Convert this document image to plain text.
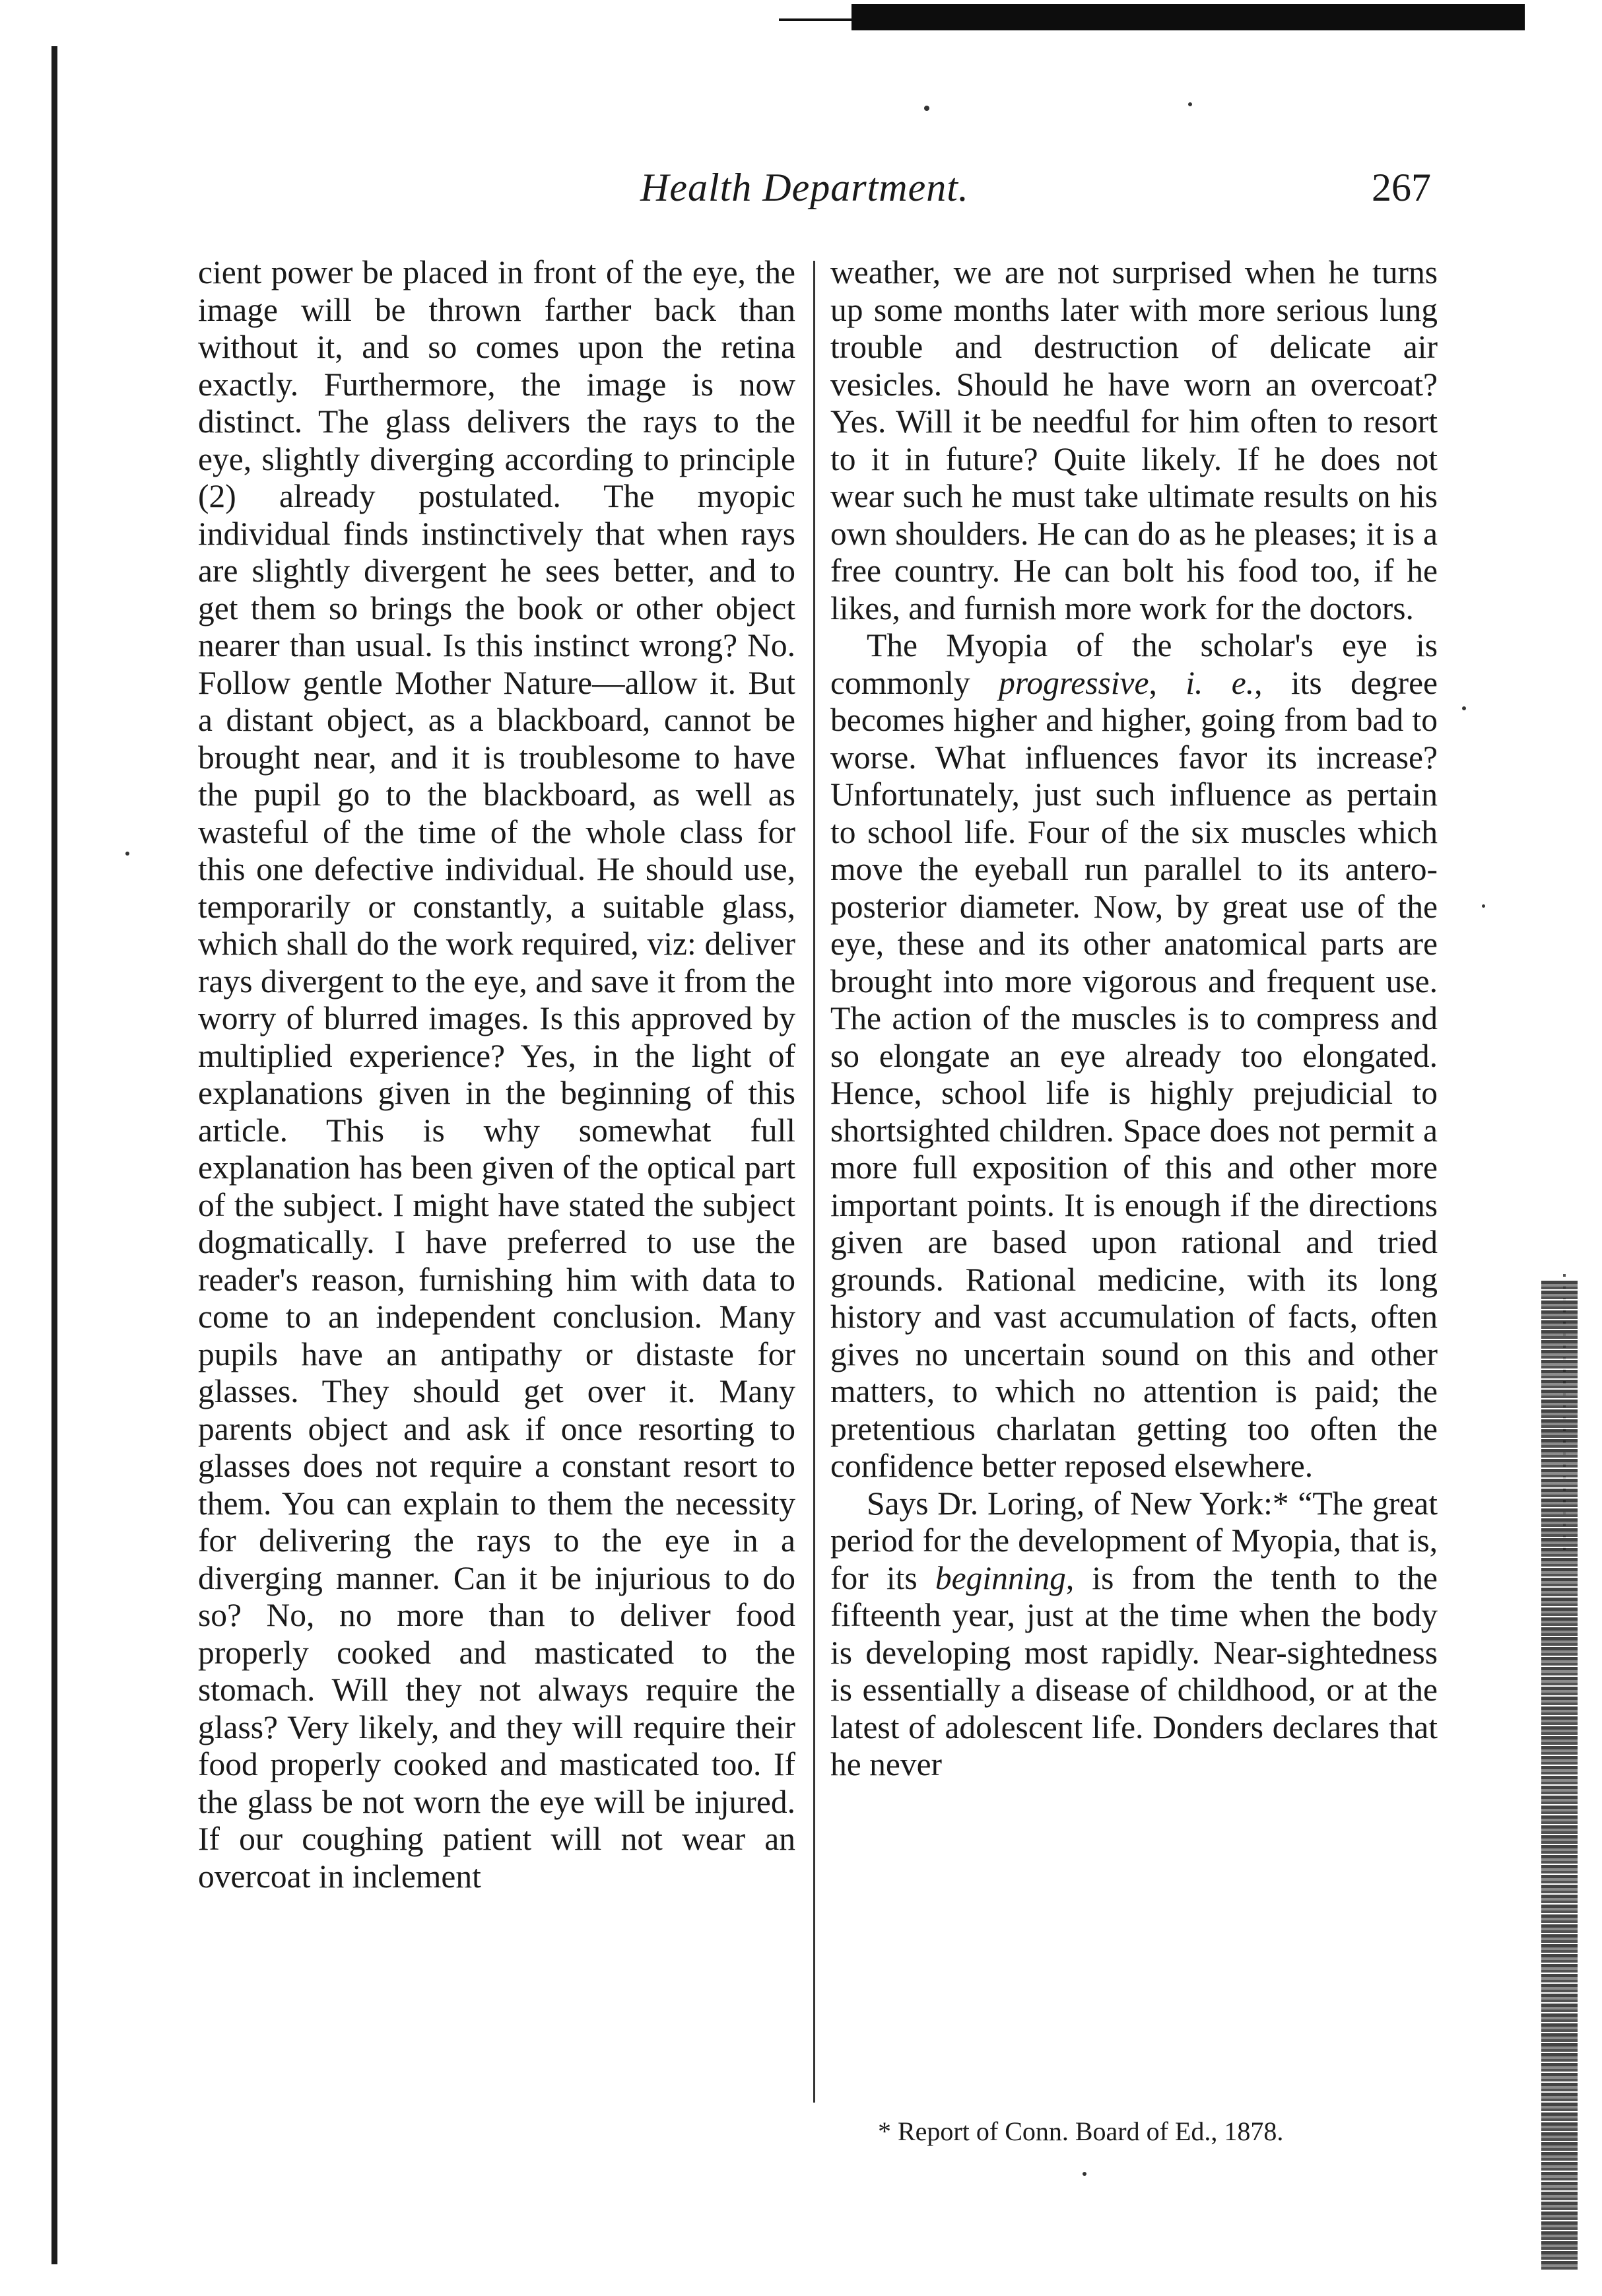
Health Department.	267

cient power be placed in front of the eye, the image will be thrown farther back than without it, and so comes upon the retina exactly. Furthermore, the image is now distinct. The glass delivers the rays to the eye, slightly diverging according to principle (2) already postulated. The myopic individual finds instinctively that when rays are slightly divergent he sees better, and to get them so brings the book or other object nearer than usual. Is this instinct wrong? No. Follow gentle Mother Nature—allow it. But a distant object, as a blackboard, cannot be brought near, and it is troublesome to have the pupil go to the blackboard, as well as wasteful of the time of the whole class for this one defective individual. He should use, temporarily or constantly, a suitable glass, which shall do the work required, viz: deliver rays divergent to the eye, and save it from the worry of blurred images. Is this approved by multiplied experience? Yes, in the light of explanations given in the beginning of this article. This is why somewhat full explanation has been given of the optical part of the subject. I might have stated the subject dogmatically. I have preferred to use the reader's reason, furnishing him with data to come to an independent conclusion. Many pupils have an antipathy or distaste for glasses. They should get over it. Many parents object and ask if once resorting to glasses does not require a constant resort to them. You can explain to them the necessity for delivering the rays to the eye in a diverging manner. Can it be injurious to do so? No, no more than to deliver food properly cooked and masticated to the stomach. Will they not always require the glass? Very likely, and they will require their food properly cooked and masticated too. If the glass be not worn the eye will be injured. If our coughing patient will not wear an overcoat in inclement

weather, we are not surprised when he turns up some months later with more serious lung trouble and destruction of delicate air vesicles. Should he have worn an overcoat? Yes. Will it be needful for him often to resort to it in future? Quite likely. If he does not wear such he must take ultimate results on his own shoulders. He can do as he pleases; it is a free country. He can bolt his food too, if he likes, and furnish more work for the doctors.

The Myopia of the scholar's eye is commonly progressive, i. e., its degree becomes higher and higher, going from bad to worse. What influences favor its increase? Unfortunately, just such influence as pertain to school life. Four of the six muscles which move the eyeball run parallel to its antero-posterior diameter. Now, by great use of the eye, these and its other anatomical parts are brought into more vigorous and frequent use. The action of the muscles is to compress and so elongate an eye already too elongated. Hence, school life is highly prejudicial to shortsighted children. Space does not permit a more full exposition of this and other more important points. It is enough if the directions given are based upon rational and tried grounds. Rational medicine, with its long history and vast accumulation of facts, often gives no uncertain sound on this and other matters, to which no attention is paid; the pretentious charlatan getting too often the confidence better reposed elsewhere.

Says Dr. Loring, of New York:* “The great period for the development of Myopia, that is, for its beginning, is from the tenth to the fifteenth year, just at the time when the body is developing most rapidly. Near-sightedness is essentially a disease of childhood, or at the latest of adolescent life. Donders declares that he never

* Report of Conn. Board of Ed., 1878.
